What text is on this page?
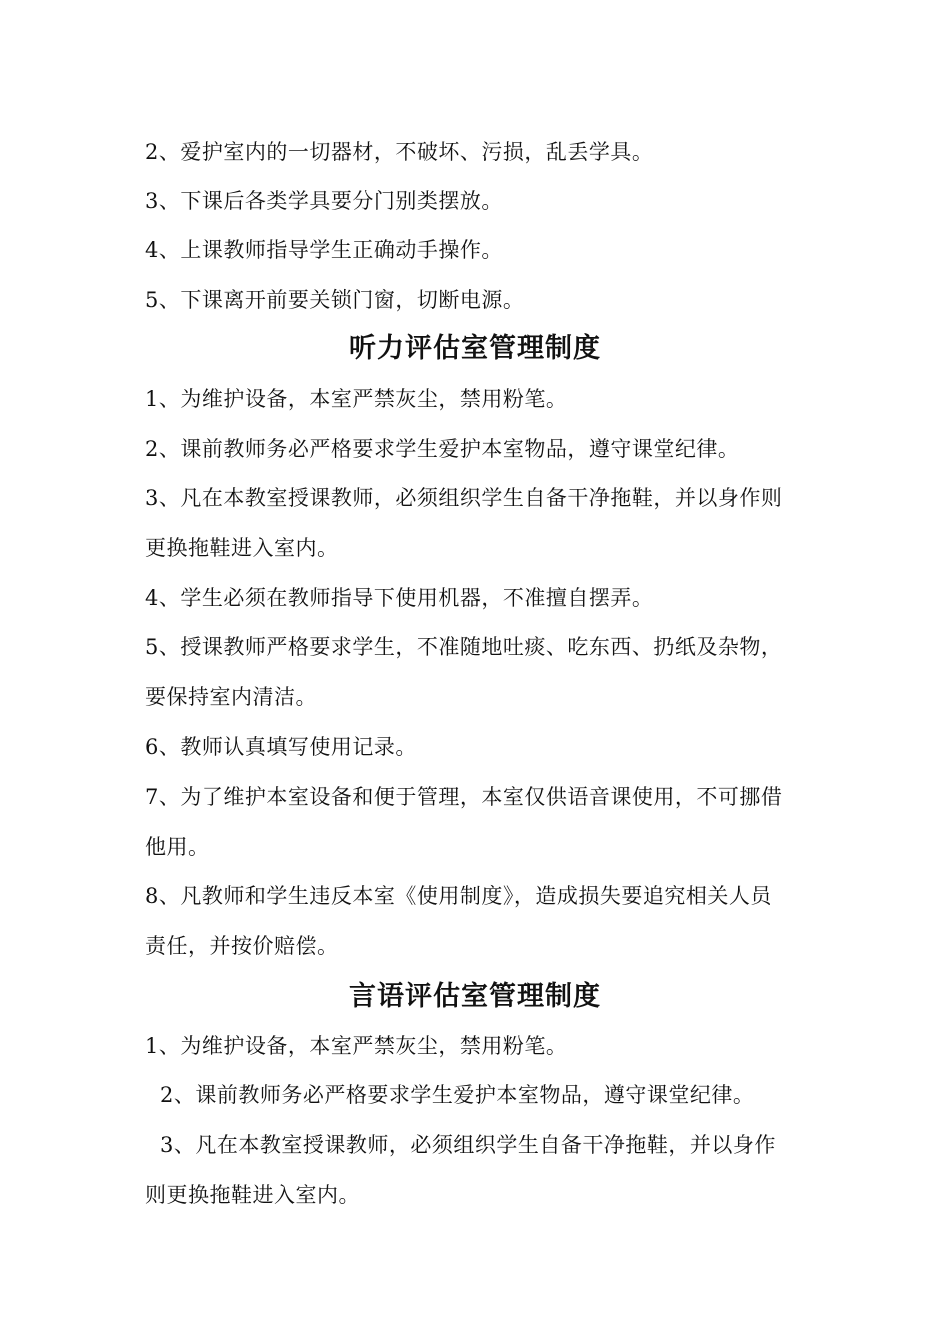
2、爱护室内的一切器材，不破坏、污损，乱丢学具。
3、下课后各类学具要分门别类摆放。
4、上课教师指导学生正确动手操作。
5、下课离开前要关锁门窗，切断电源。
听力评估室管理制度
1、为维护设备，本室严禁灰尘，禁用粉笔。
2、课前教师务必严格要求学生爱护本室物品，遵守课堂纪律。
3、凡在本教室授课教师，必须组织学生自备干净拖鞋，并以身作则
更换拖鞋进入室内。
4、学生必须在教师指导下使用机器，不准擅自摆弄。
5、授课教师严格要求学生，不准随地吐痰、吃东西、扔纸及杂物，
要保持室内清洁。
6、教师认真填写使用记录。
7、为了维护本室设备和便于管理，本室仅供语音课使用，不可挪借
他用。
8、凡教师和学生违反本室《使用制度》，造成损失要追究相关人员
责任，并按价赔偿。
言语评估室管理制度
1、为维护设备，本室严禁灰尘，禁用粉笔。
2、课前教师务必严格要求学生爱护本室物品，遵守课堂纪律。
3、凡在本教室授课教师，必须组织学生自备干净拖鞋，并以身作
则更换拖鞋进入室内。
